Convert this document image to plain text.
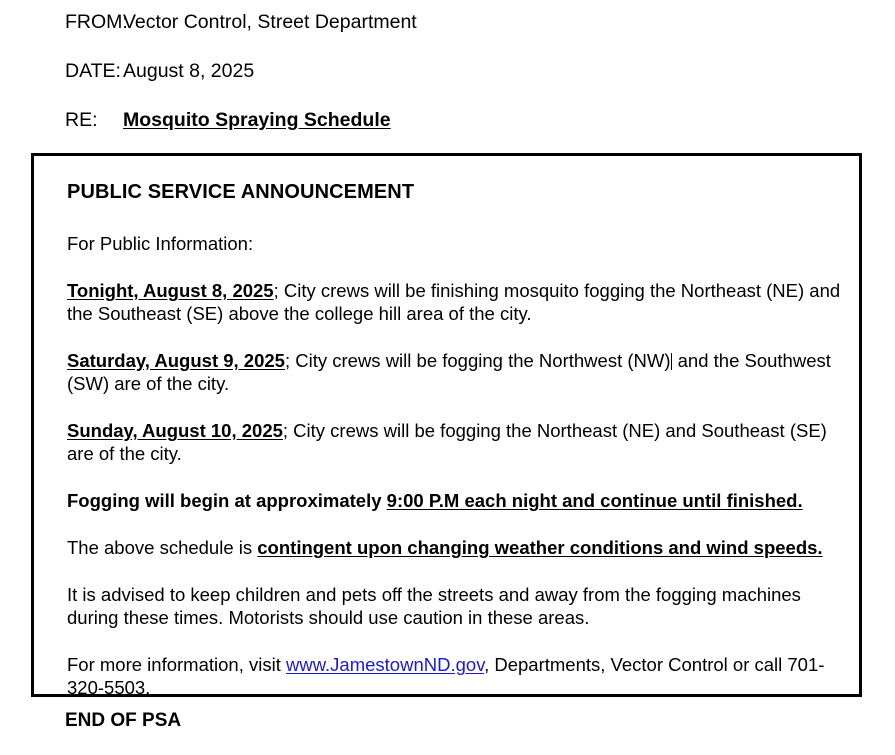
FROM:
Vector Control, Street Department
DATE: August 8, 2025
RE:	Mosquito Spraying Schedule
PUBLIC SERVICE ANNOUNCEMENT

For Public Information:

Tonight, August 8, 2025; City crews will be finishing mosquito fogging the Northeast (NE) and the Southeast (SE) above the college hill area of the city.

Saturday, August 9, 2025; City crews will be fogging the Northwest (NW) and the Southwest (SW) are of the city.

Sunday, August 10, 2025; City crews will be fogging the Northeast (NE) and Southeast (SE) are of the city.

Fogging will begin at approximately 9:00 P.M each night and continue until finished.

The above schedule is contingent upon changing weather conditions and wind speeds.

It is advised to keep children and pets off the streets and away from the fogging machines during these times. Motorists should use caution in these areas.

For more information, visit www.JamestownND.gov, Departments, Vector Control or call 701-320-5503.

END OF PSA
